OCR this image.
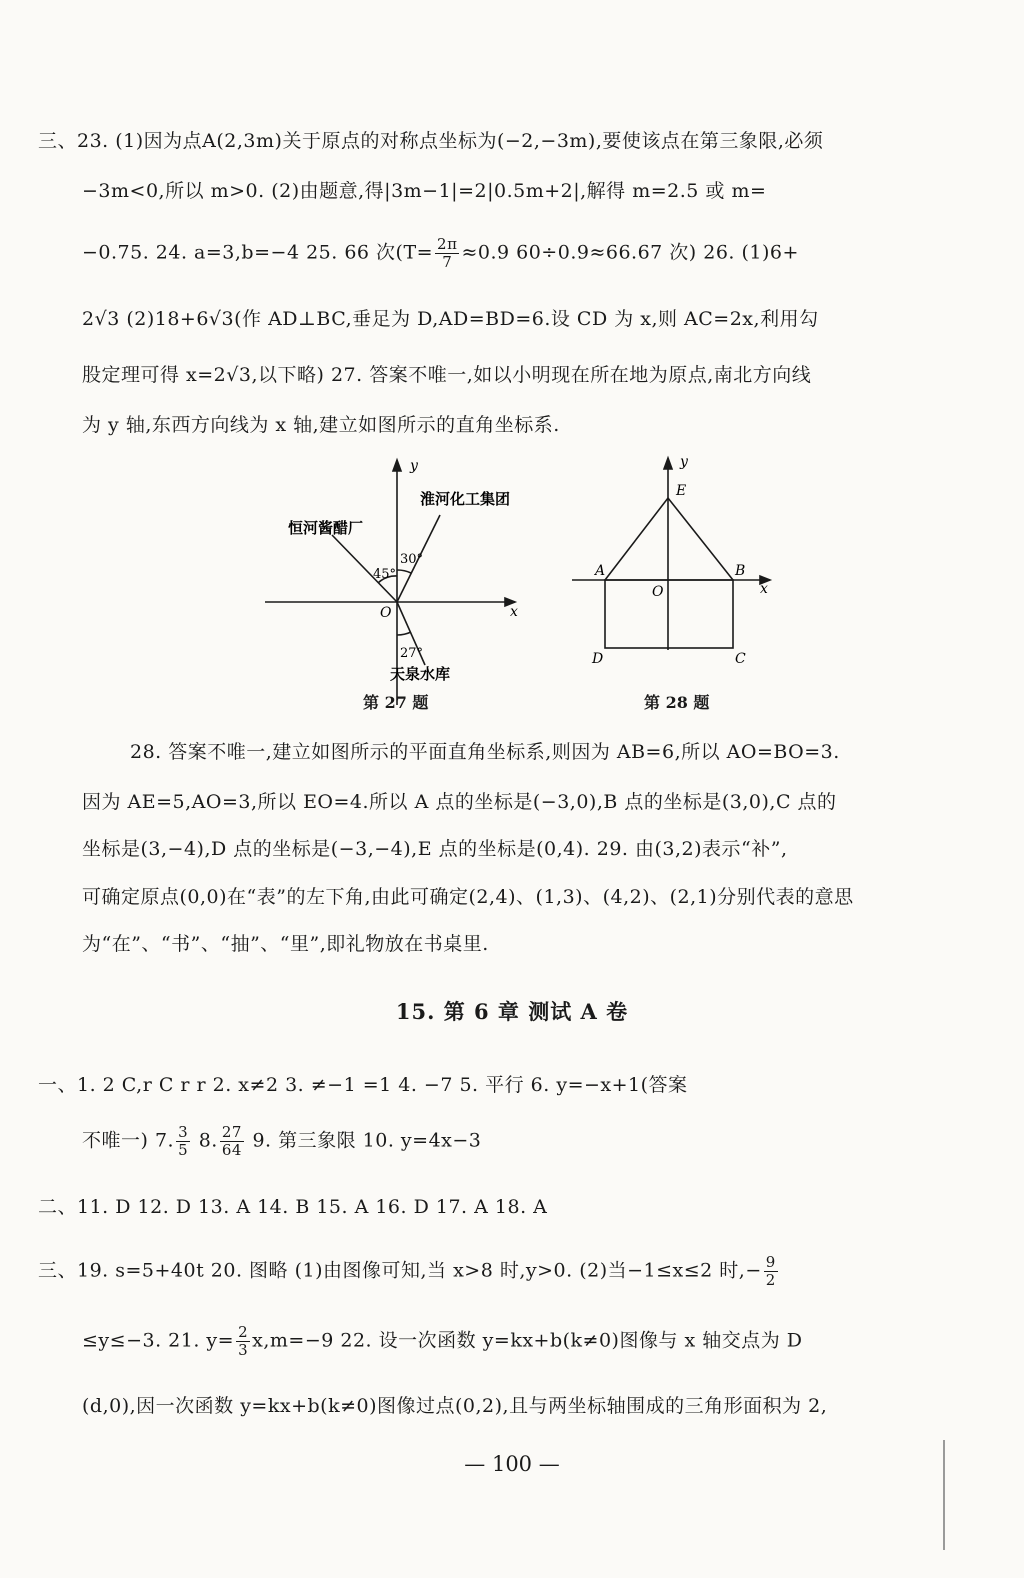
三、23. (1)因为点A(2,3m)关于原点的对称点坐标为(−2,−3m),要使该点在第三象限,必须
−3m<0,所以 m>0. (2)由题意,得|3m−1|=2|0.5m+2|,解得 m=2.5 或 m=
−0.75. 24. a=3,b=−4 25. 66 次($T= \frac{2\pi}{7} \approx 0.9$ 60÷0.9≈66.67 次) 26. (1)6+
2√3 (2)18+6√3(作 AD⊥BC,垂足为 D,AD=BD=6.设 CD 为 x,则 AC=2x,利用勾
股定理可得 x=2√3,以下略) 27. 答案不唯一,如以小明现在所在地为原点,南北方向线
为 y 轴,东西方向线为 x 轴,建立如图所示的直角坐标系.
y
x
O
30°
45°
27°
淮河化工集团
恒河酱醋厂
天泉水库
第 27 题
y
x
O
E
A	B
C
D
第 28 题
28. 答案不唯一,建立如图所示的平面直角坐标系,则因为 AB=6,所以 AO=BO=3.
因为 AE=5,AO=3,所以 EO=4.所以 A 点的坐标是(−3,0),B 点的坐标是(3,0),C 点的
坐标是(3,−4),D 点的坐标是(−3,−4),E 点的坐标是(0,4). 29. 由(3,2)表示“补”,
可确定原点(0,0)在“表”的左下角,由此可确定(2,4)、(1,3)、(4,2)、(2,1)分别代表的意思
为“在”、“书”、“抽”、“里”,即礼物放在书桌里.
15. 第 6 章 测试 A 卷
一、1. 2 C,r C r r 2. x≠2 3. ≠−1 =1 4. −7 5. 平行 6. y=−x+1(答案
不唯一) 7. $\frac{3}{5} 8$. $\frac{27}{64} 9$. 第三象限 10. y=4x−3
二、11. D 12. D 13. A 14. B 15. A 16. D 17. A 18. A
三、19. s=5+40t 20. 图略 (1)由图像可知,当 x>8 时,y>0. (2)当−1≤x≤2 时,− $\frac{9}{2}$
≤y≤−3. 21. $y= \frac{2}{3} x,m=-9$ 22. 设一次函数 y=kx+b(k≠0)图像与 x 轴交点为 D
(d,0),因一次函数 y=kx+b(k≠0)图像过点(0,2),且与两坐标轴围成的三角形面积为 2,
— 100 —
